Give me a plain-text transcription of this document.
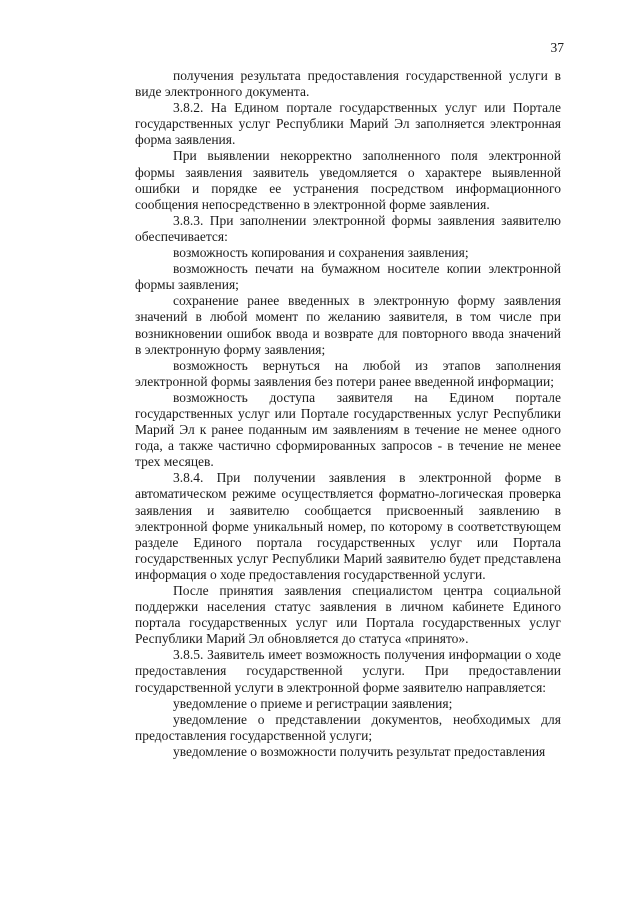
37

получения результата предоставления государственной услуги в виде электронного документа.

3.8.2. На Едином портале государственных услуг или Портале государственных услуг Республики Марий Эл заполняется электронная форма заявления.

При выявлении некорректно заполненного поля электронной формы заявления заявитель уведомляется о характере выявленной ошибки и порядке ее устранения посредством информационного сообщения непосредственно в электронной форме заявления.

3.8.3. При заполнении электронной формы заявления заявителю обеспечивается:

возможность копирования и сохранения заявления;

возможность печати на бумажном носителе копии электронной формы заявления;

сохранение ранее введенных в электронную форму заявления значений в любой момент по желанию заявителя, в том числе при возникновении ошибок ввода и возврате для повторного ввода значений в электронную форму заявления;

возможность вернуться на любой из этапов заполнения электронной формы заявления без потери ранее введенной информации;

возможность доступа заявителя на Едином портале государственных услуг или Портале государственных услуг Республики Марий Эл к ранее поданным им заявлениям в течение не менее одного года, а также частично сформированных запросов - в течение не менее трех месяцев.

3.8.4. При получении заявления в электронной форме в автоматическом режиме осуществляется форматно-логическая проверка заявления и заявителю сообщается присвоенный заявлению в электронной форме уникальный номер, по которому в соответствующем разделе Единого портала государственных услуг или Портала государственных услуг Республики Марий заявителю будет представлена информация о ходе предоставления государственной услуги.

После принятия заявления специалистом центра социальной поддержки населения статус заявления в личном кабинете Единого портала государственных услуг или Портала государственных услуг Республики Марий Эл обновляется до статуса «принято».

3.8.5. Заявитель имеет возможность получения информации о ходе предоставления государственной услуги. При предоставлении государственной услуги в электронной форме заявителю направляется:

уведомление о приеме и регистрации заявления;

уведомление о представлении документов, необходимых для предоставления государственной услуги;

уведомление о возможности получить результат предоставления
